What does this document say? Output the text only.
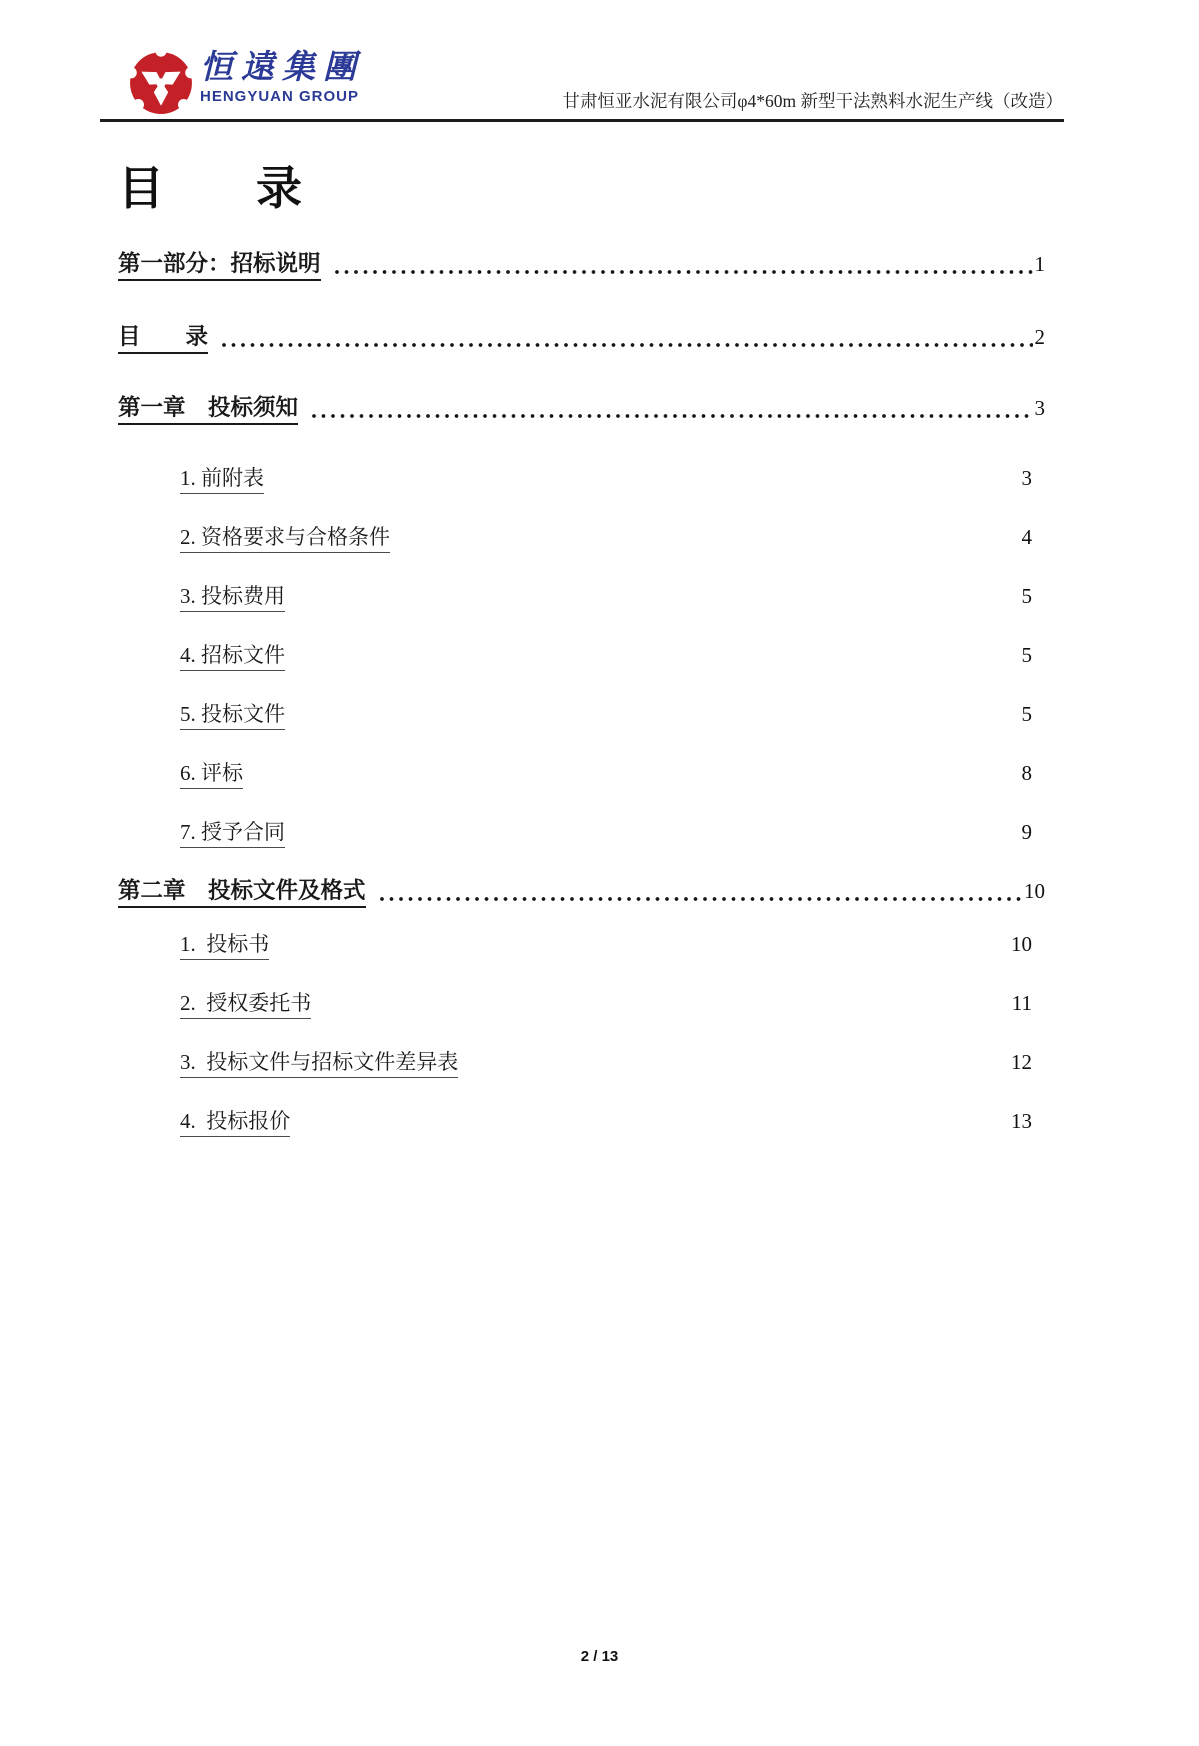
恒遠集團
HENGYUAN GROUP	甘肃恒亚水泥有限公司φ4*60m 新型干法熟料水泥生产线（改造）
目　　录
第一部分：招标说明	1
目　　录	2
第一章　投标须知	3
1. 前附表	3
2. 资格要求与合格条件	4
3. 投标费用	5
4. 招标文件	5
5. 投标文件	5
6. 评标	8
7. 授予合同	9
第二章　投标文件及格式	10
1.  投标书	10
2.  授权委托书	11
3.  投标文件与招标文件差异表	12
4.  投标报价	13
2 / 13
